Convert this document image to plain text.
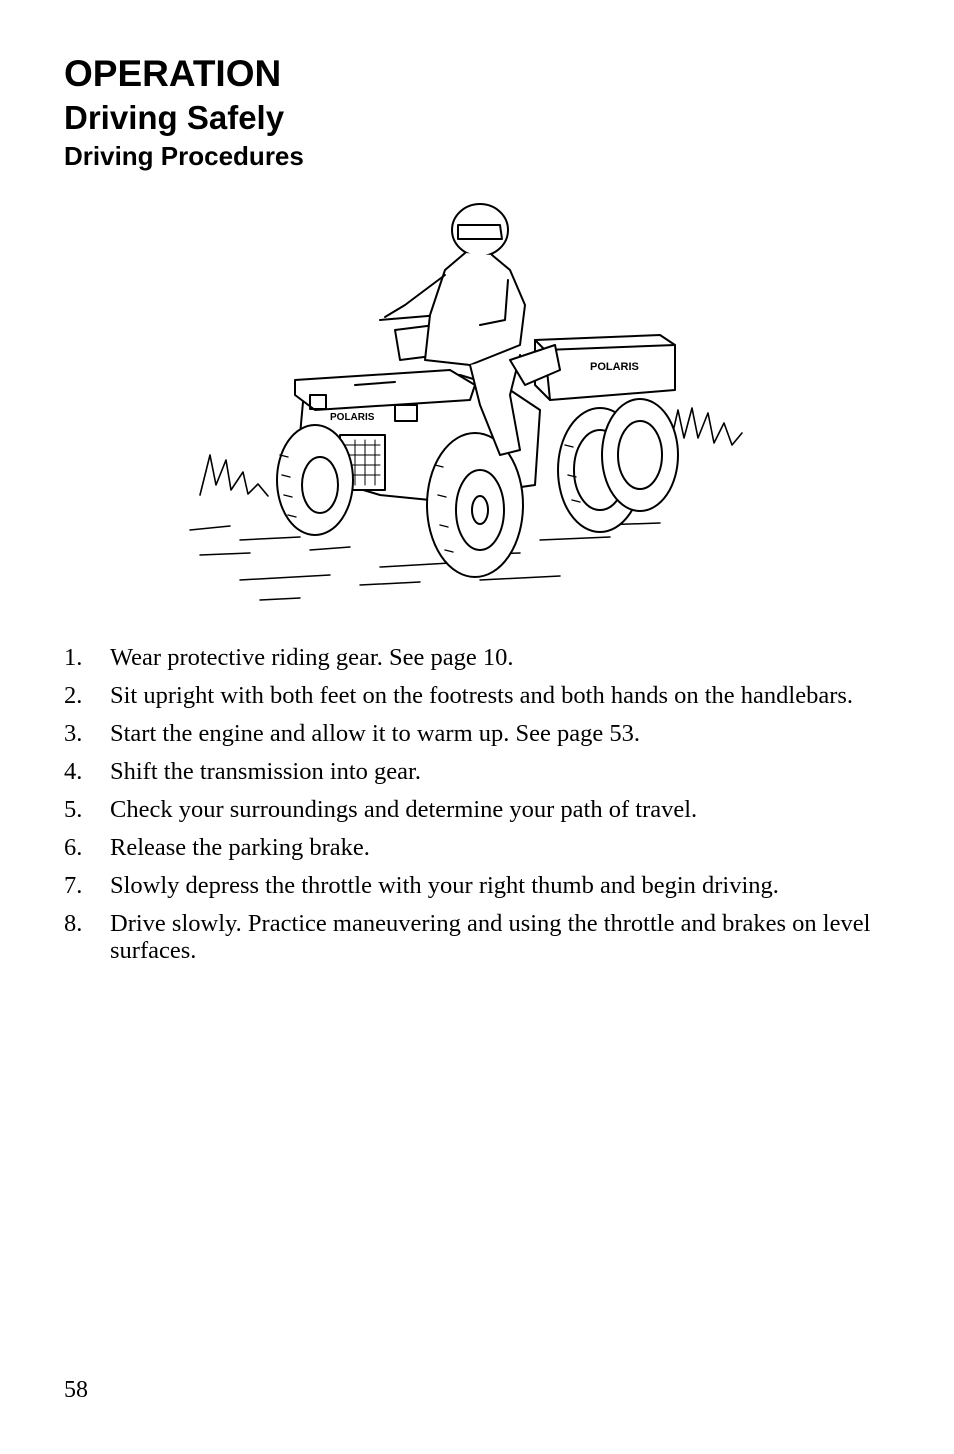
OPERATION
Driving Safely
Driving Procedures
POLARIS
POLARIS
1. Wear protective riding gear. See page 10.
2. Sit upright with both feet on the footrests and both hands on the handlebars.
3. Start the engine and allow it to warm up. See page 53.
4. Shift the transmission into gear.
5. Check your surroundings and determine your path of travel.
6. Release the parking brake.
7. Slowly depress the throttle with your right thumb and begin driving.
8. Drive slowly. Practice maneuvering and using the throttle and brakes on level surfaces.
58
